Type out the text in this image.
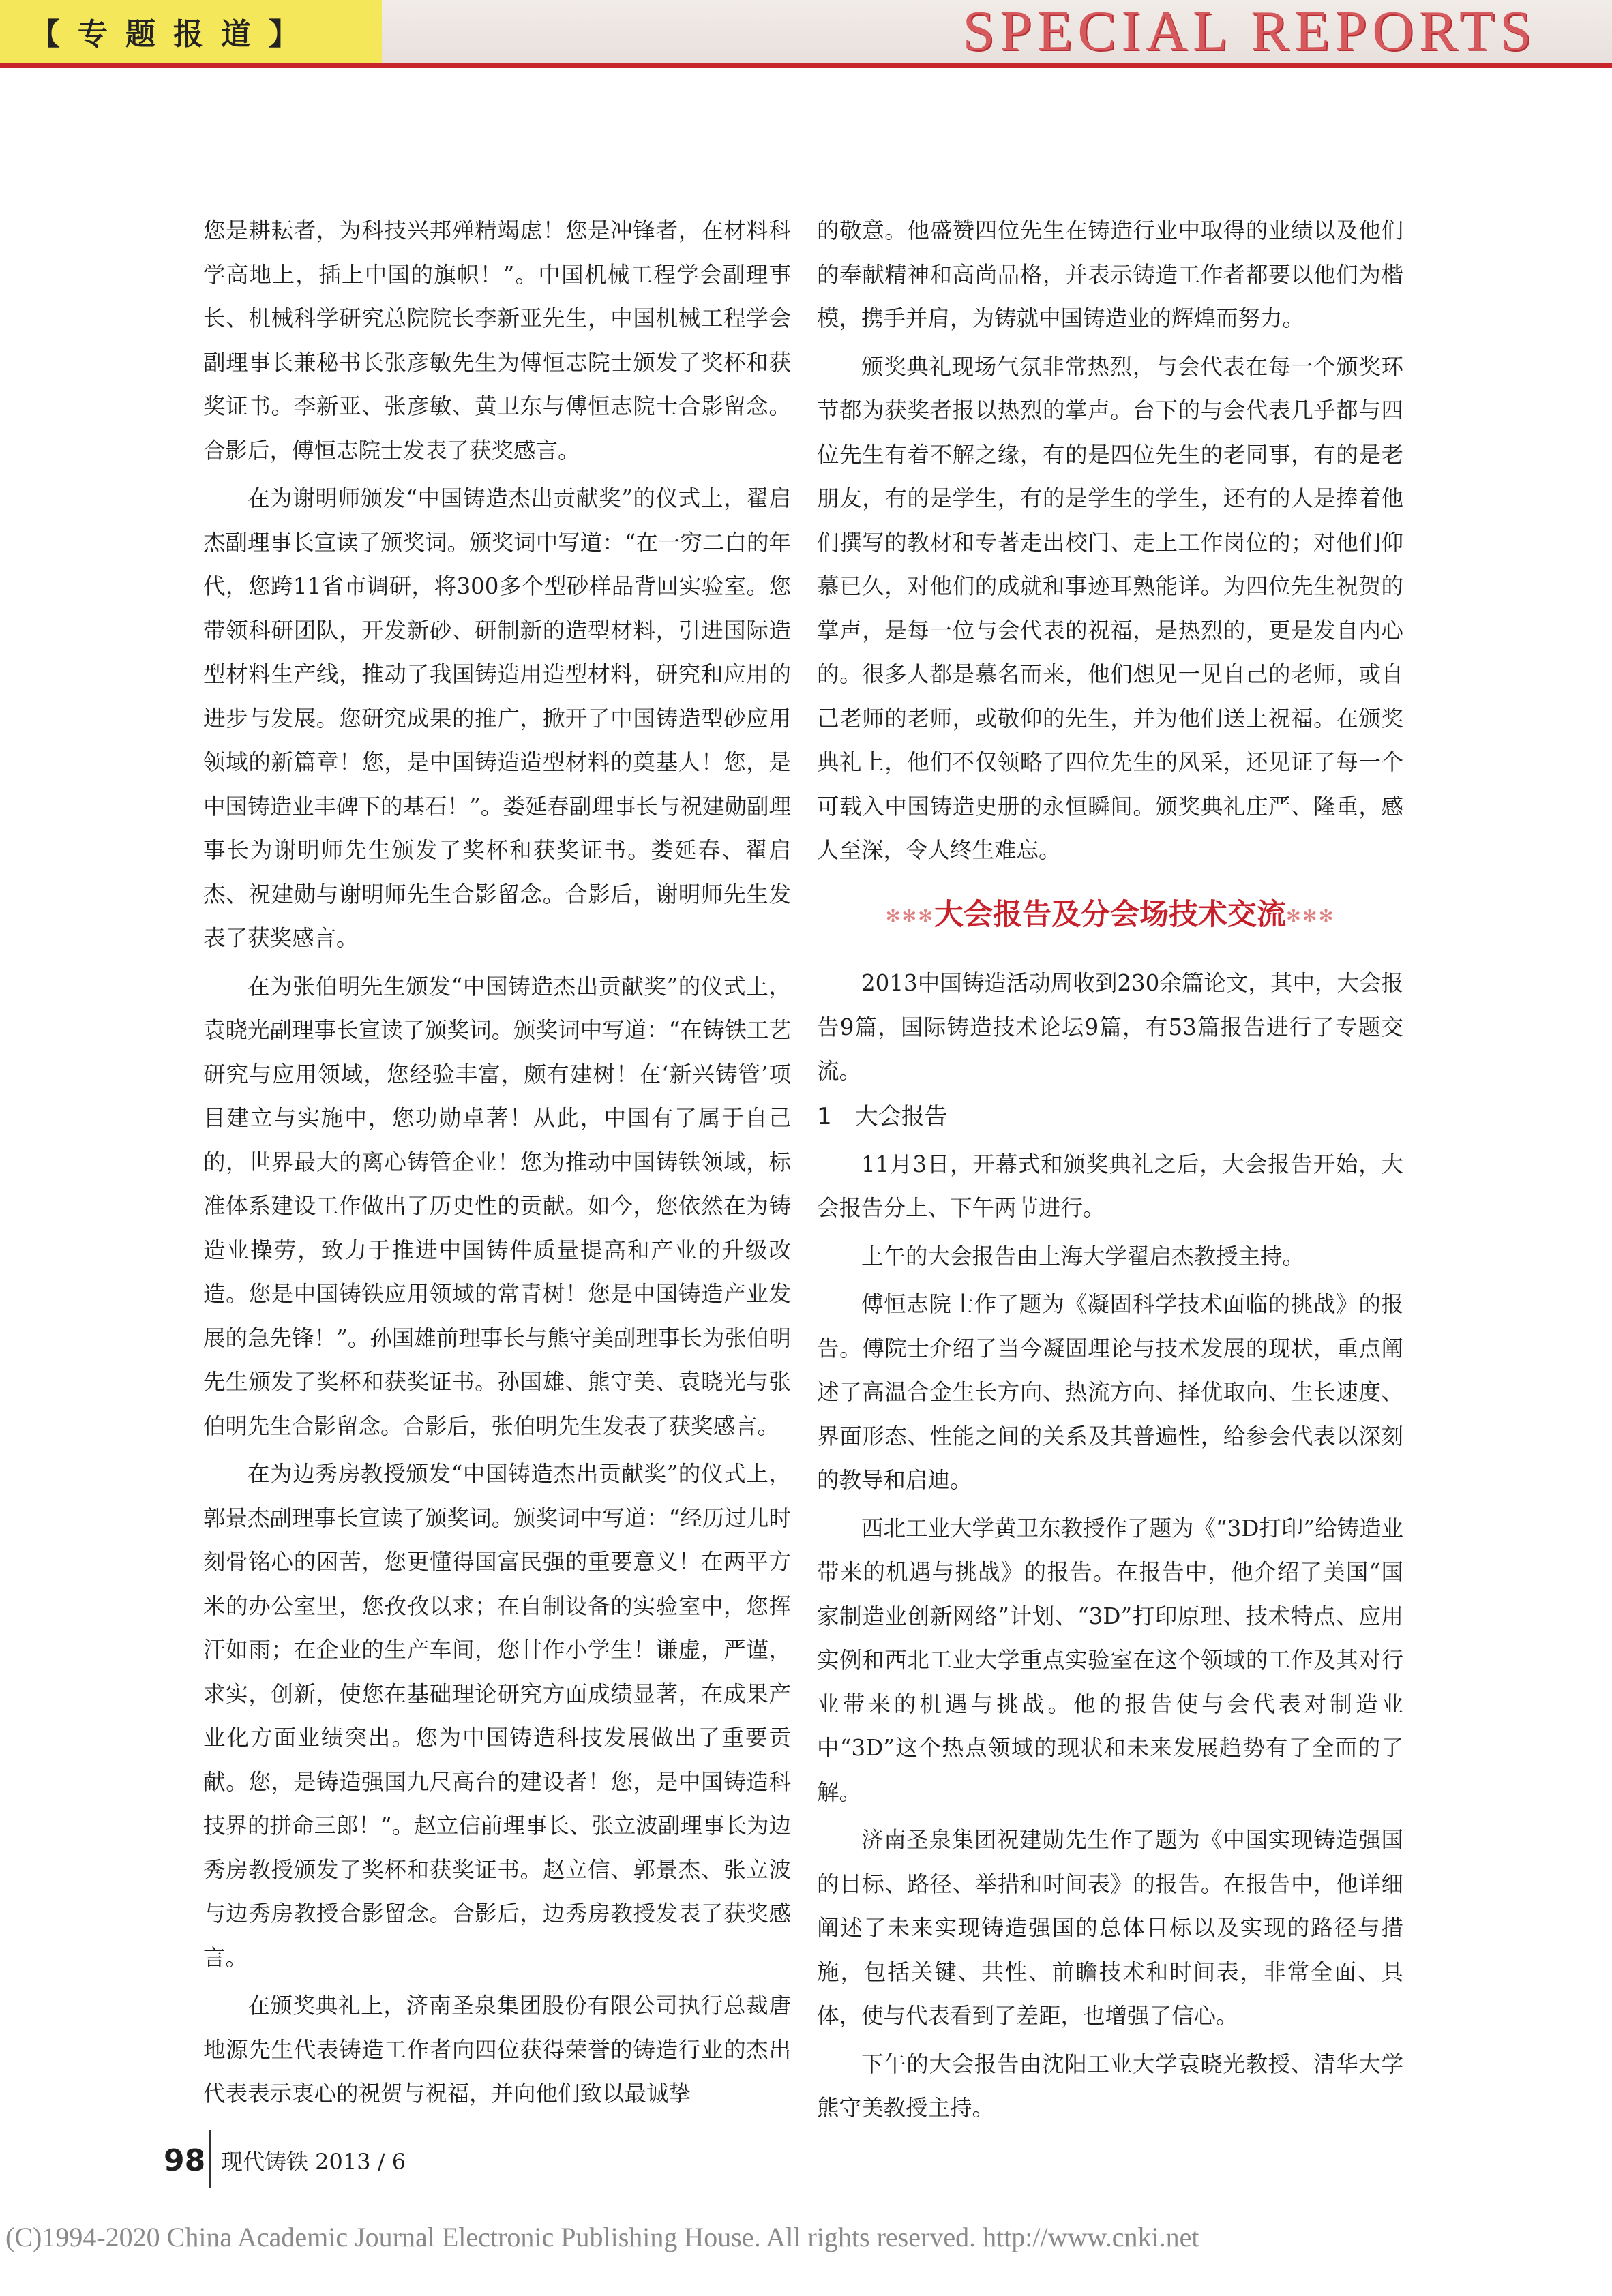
【专题报道】	SPECIAL REPORTS

您是耕耘者，为科技兴邦殚精竭虑！您是冲锋者，在材料科学高地上，插上中国的旗帜！”。中国机械工程学会副理事长、机械科学研究总院院长李新亚先生，中国机械工程学会副理事长兼秘书长张彦敏先生为傅恒志院士颁发了奖杯和获奖证书。李新亚、张彦敏、黄卫东与傅恒志院士合影留念。合影后，傅恒志院士发表了获奖感言。

在为谢明师颁发“中国铸造杰出贡献奖”的仪式上，翟启杰副理事长宣读了颁奖词。颁奖词中写道：“在一穷二白的年代，您跨11省市调研，将300多个型砂样品背回实验室。您带领科研团队，开发新砂、研制新的造型材料，引进国际造型材料生产线，推动了我国铸造用造型材料，研究和应用的进步与发展。您研究成果的推广，掀开了中国铸造型砂应用领域的新篇章！您，是中国铸造造型材料的奠基人！您，是中国铸造业丰碑下的基石！”。娄延春副理事长与祝建勋副理事长为谢明师先生颁发了奖杯和获奖证书。娄延春、翟启杰、祝建勋与谢明师先生合影留念。合影后，谢明师先生发表了获奖感言。

在为张伯明先生颁发“中国铸造杰出贡献奖”的仪式上，袁晓光副理事长宣读了颁奖词。颁奖词中写道：“在铸铁工艺研究与应用领域，您经验丰富，颇有建树！在‘新兴铸管’项目建立与实施中，您功勋卓著！从此，中国有了属于自己的，世界最大的离心铸管企业！您为推动中国铸铁领域，标准体系建设工作做出了历史性的贡献。如今，您依然在为铸造业操劳，致力于推进中国铸件质量提高和产业的升级改造。您是中国铸铁应用领域的常青树！您是中国铸造产业发展的急先锋！”。孙国雄前理事长与熊守美副理事长为张伯明先生颁发了奖杯和获奖证书。孙国雄、熊守美、袁晓光与张伯明先生合影留念。合影后，张伯明先生发表了获奖感言。

在为边秀房教授颁发“中国铸造杰出贡献奖”的仪式上，郭景杰副理事长宣读了颁奖词。颁奖词中写道：“经历过儿时刻骨铭心的困苦，您更懂得国富民强的重要意义！在两平方米的办公室里，您孜孜以求；在自制设备的实验室中，您挥汗如雨；在企业的生产车间，您甘作小学生！谦虚，严谨，求实，创新，使您在基础理论研究方面成绩显著，在成果产业化方面业绩突出。您为中国铸造科技发展做出了重要贡献。您，是铸造强国九尺高台的建设者！您，是中国铸造科技界的拼命三郎！”。赵立信前理事长、张立波副理事长为边秀房教授颁发了奖杯和获奖证书。赵立信、郭景杰、张立波与边秀房教授合影留念。合影后，边秀房教授发表了获奖感言。

在颁奖典礼上，济南圣泉集团股份有限公司执行总裁唐地源先生代表铸造工作者向四位获得荣誉的铸造行业的杰出代表表示衷心的祝贺与祝福，并向他们致以最诚挚

的敬意。他盛赞四位先生在铸造行业中取得的业绩以及他们的奉献精神和高尚品格，并表示铸造工作者都要以他们为楷模，携手并肩，为铸就中国铸造业的辉煌而努力。

颁奖典礼现场气氛非常热烈，与会代表在每一个颁奖环节都为获奖者报以热烈的掌声。台下的与会代表几乎都与四位先生有着不解之缘，有的是四位先生的老同事，有的是老朋友，有的是学生，有的是学生的学生，还有的人是捧着他们撰写的教材和专著走出校门、走上工作岗位的；对他们仰慕已久，对他们的成就和事迹耳熟能详。为四位先生祝贺的掌声，是每一位与会代表的祝福，是热烈的，更是发自内心的。很多人都是慕名而来，他们想见一见自己的老师，或自己老师的老师，或敬仰的先生，并为他们送上祝福。在颁奖典礼上，他们不仅领略了四位先生的风采，还见证了每一个可载入中国铸造史册的永恒瞬间。颁奖典礼庄严、隆重，感人至深，令人终生难忘。

✻✻✻大会报告及分会场技术交流✻✻✻

2013中国铸造活动周收到230余篇论文，其中，大会报告9篇，国际铸造技术论坛9篇，有53篇报告进行了专题交流。

1 大会报告

11月3日，开幕式和颁奖典礼之后，大会报告开始，大会报告分上、下午两节进行。

上午的大会报告由上海大学翟启杰教授主持。

傅恒志院士作了题为《凝固科学技术面临的挑战》的报告。傅院士介绍了当今凝固理论与技术发展的现状，重点阐述了高温合金生长方向、热流方向、择优取向、生长速度、界面形态、性能之间的关系及其普遍性，给参会代表以深刻的教导和启迪。

西北工业大学黄卫东教授作了题为《“3D打印”给铸造业带来的机遇与挑战》的报告。在报告中，他介绍了美国“国家制造业创新网络”计划、“3D”打印原理、技术特点、应用实例和西北工业大学重点实验室在这个领域的工作及其对行业带来的机遇与挑战。他的报告使与会代表对制造业中“3D”这个热点领域的现状和未来发展趋势有了全面的了解。

济南圣泉集团祝建勋先生作了题为《中国实现铸造强国的目标、路径、举措和时间表》的报告。在报告中，他详细阐述了未来实现铸造强国的总体目标以及实现的路径与措施，包括关键、共性、前瞻技术和时间表，非常全面、具体，使与代表看到了差距，也增强了信心。

下午的大会报告由沈阳工业大学袁晓光教授、清华大学熊守美教授主持。

98 现代铸铁 2013 / 6
(C)1994-2020 China Academic Journal Electronic Publishing House. All rights reserved. http://www.cnki.net
